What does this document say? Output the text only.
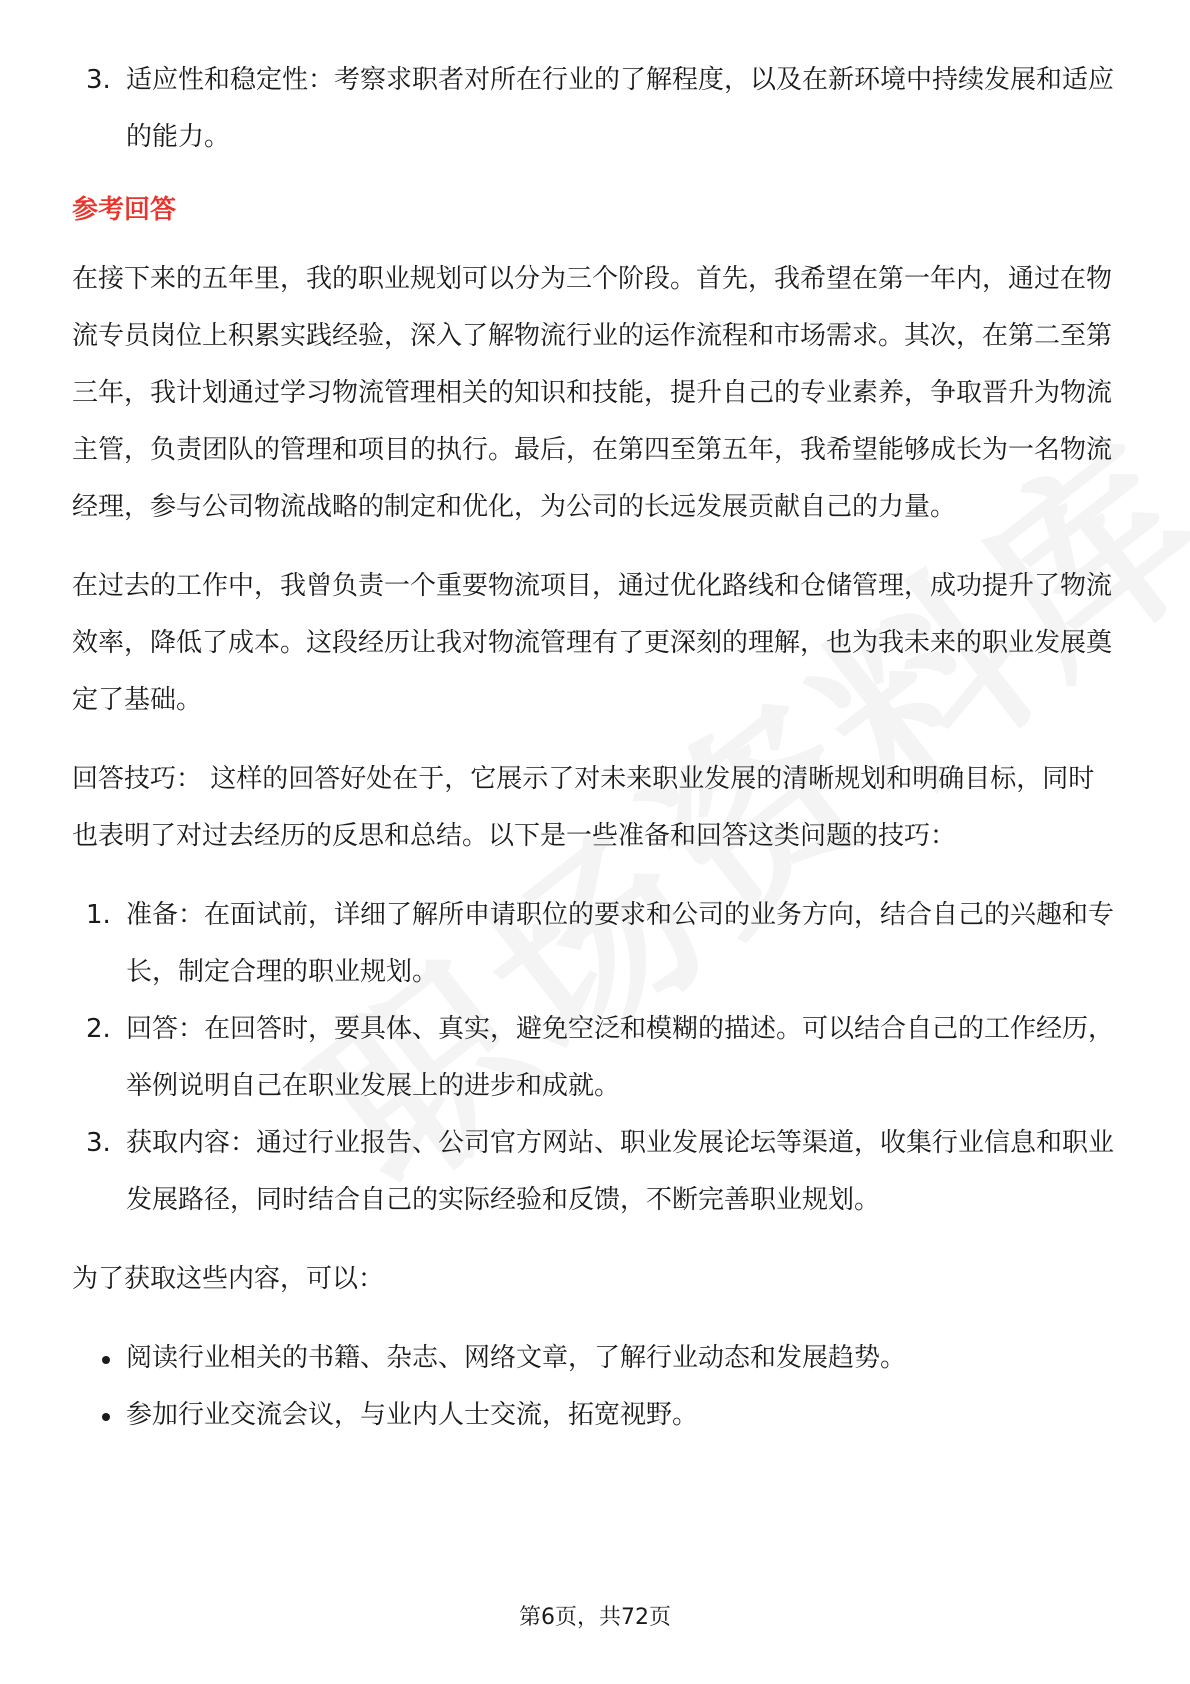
3. 适应性和稳定性：考察求职者对所在行业的了解程度，以及在新环境中持续发展和适应的能力。
参考回答

在接下来的五年里，我的职业规划可以分为三个阶段。首先，我希望在第一年内，通过在物流专员岗位上积累实践经验，深入了解物流行业的运作流程和市场需求。其次，在第二至第三年，我计划通过学习物流管理相关的知识和技能，提升自己的专业素养，争取晋升为物流主管，负责团队的管理和项目的执行。最后，在第四至第五年，我希望能够成长为一名物流经理，参与公司物流战略的制定和优化，为公司的长远发展贡献自己的力量。

在过去的工作中，我曾负责一个重要物流项目，通过优化路线和仓储管理，成功提升了物流效率，降低了成本。这段经历让我对物流管理有了更深刻的理解，也为我未来的职业发展奠定了基础。

回答技巧： 这样的回答好处在于，它展示了对未来职业发展的清晰规划和明确目标，同时也表明了对过去经历的反思和总结。以下是一些准备和回答这类问题的技巧：

1. 准备：在面试前，详细了解所申请职位的要求和公司的业务方向，结合自己的兴趣和专长，制定合理的职业规划。
2. 回答：在回答时，要具体、真实，避免空泛和模糊的描述。可以结合自己的工作经历，举例说明自己在职业发展上的进步和成就。
3. 获取内容：通过行业报告、公司官方网站、职业发展论坛等渠道，收集行业信息和职业发展路径，同时结合自己的实际经验和反馈，不断完善职业规划。

为了获取这些内容，可以：

阅读行业相关的书籍、杂志、网络文章，了解行业动态和发展趋势。
参加行业交流会议，与业内人士交流，拓宽视野。
第6页，共72页
